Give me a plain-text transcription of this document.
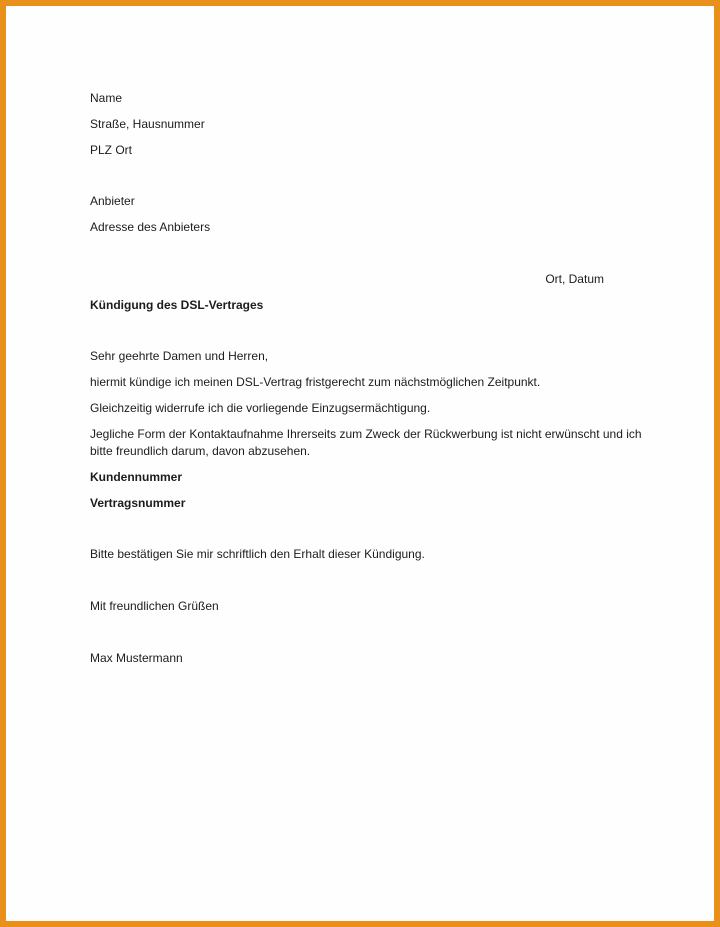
Name
Straße, Hausnummer
PLZ Ort
Anbieter
Adresse des Anbieters
Ort, Datum
Kündigung des DSL-Vertrages
Sehr geehrte Damen und Herren,
hiermit kündige ich meinen DSL-Vertrag fristgerecht zum nächstmöglichen Zeitpunkt.
Gleichzeitig widerrufe ich die vorliegende Einzugsermächtigung.
Jegliche Form der Kontaktaufnahme Ihrerseits zum Zweck der Rückwerbung ist nicht erwünscht und ich bitte freundlich darum, davon abzusehen.
Kundennummer
Vertragsnummer
Bitte bestätigen Sie mir schriftlich den Erhalt dieser Kündigung.
Mit freundlichen Grüßen
Max Mustermann
